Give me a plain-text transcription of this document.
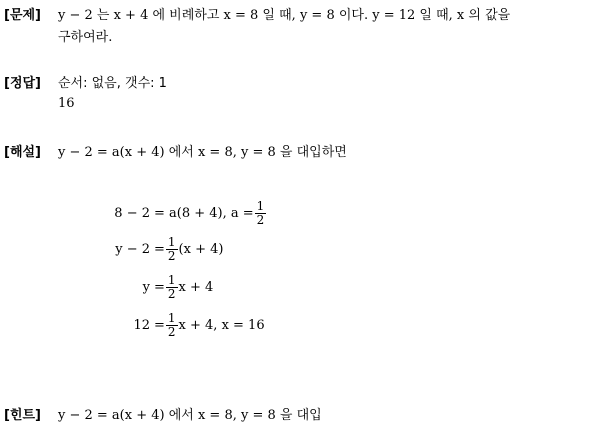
[문제] y − 2 는 x + 4 에 비례하고 x = 8 일 때, y = 8 이다. y = 12 일 때, x 의 값을
구하여라.
[정답] 순서: 없음, 갯수: 1
16
[해설] y − 2 = a(x + 4) 에서 x = 8, y = 8 을 대입하면
8 − 2 = a(8 + 4), $a = \frac{1}{2}$
$y - 2 = \frac{1}{2} (x + 4)$
$y = \frac{1}{2}$ x + 4
$12 = \frac{1}{2}$ x + 4, x = 16
[힌트] y − 2 = a(x + 4) 에서 x = 8, y = 8 을 대입
